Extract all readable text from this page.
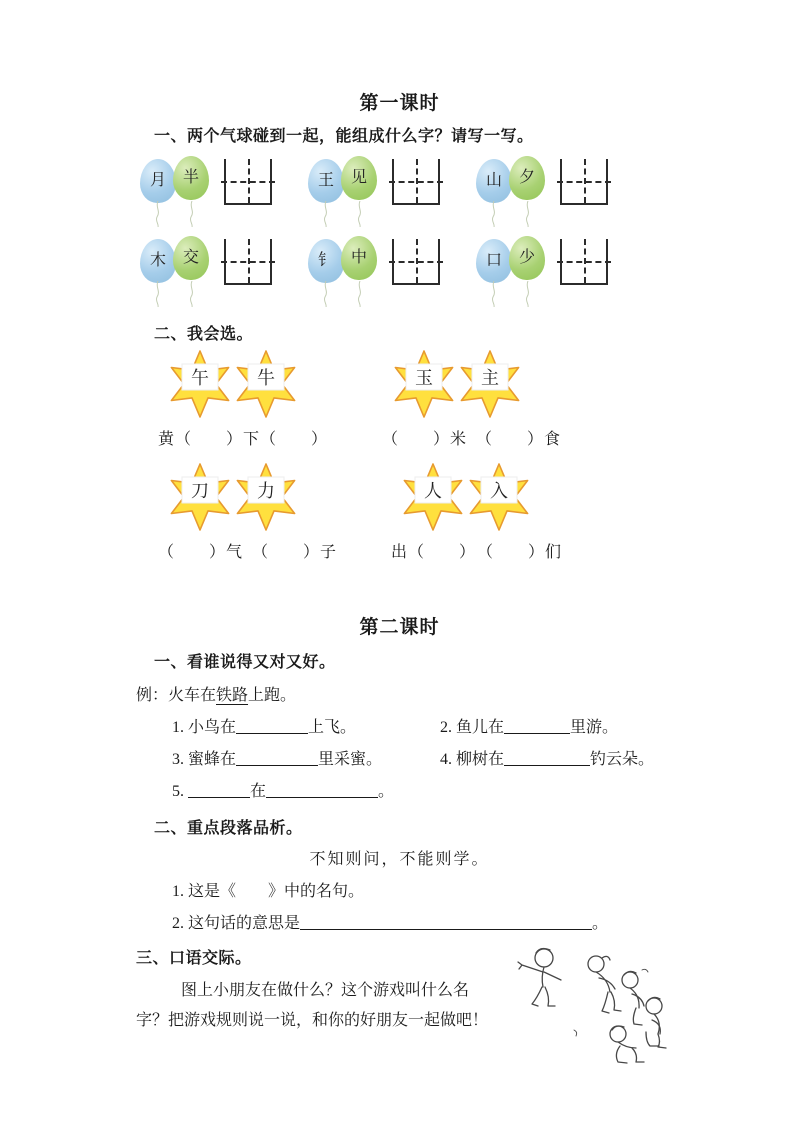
第一课时

一、两个气球碰到一起，能组成什么字？请写一写。

月 半	王 见	山 夕
木 交	钅 中	口 少

二、我会选。

午	牛
黄（　　）下（　　）
玉	主
（　　）米　（　　）食
刀	力
（　　）气　（　　）子
人	入
出（　　）　（　　）们
第二课时

一、看谁说得又对又好。

例：火车在铁路上跑。

1. 小鸟在	上飞。	2. 鱼儿在	里游。
3. 蜜蜂在	里采蜜。	4. 柳树在	钓云朵。
5.	在	。

二、重点段落品析。

不知则问，不能则学。

1. 这是《　　》中的名句。

2. 这句话的意思是	。

三、口语交际。

图上小朋友在做什么？这个游戏叫什么名

字？把游戏规则说一说，和你的好朋友一起做吧！
